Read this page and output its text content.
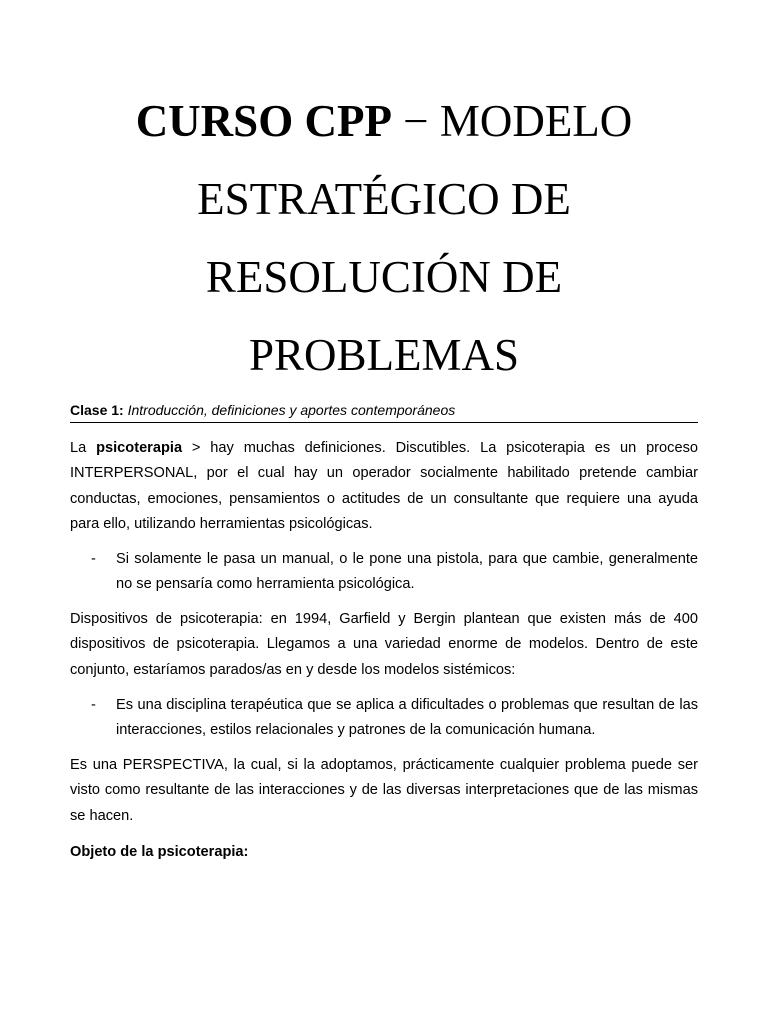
CURSO CPP − MODELO
ESTRATÉGICO DE
RESOLUCIÓN DE
PROBLEMAS
Clase 1: Introducción, definiciones y aportes contemporáneos

La psicoterapia > hay muchas definiciones. Discutibles. La psicoterapia es un proceso INTERPERSONAL, por el cual hay un operador socialmente habilitado pretende cambiar conductas, emociones, pensamientos o actitudes de un consultante que requiere una ayuda para ello, utilizando herramientas psicológicas.

- Si solamente le pasa un manual, o le pone una pistola, para que cambie, generalmente no se pensaría como herramienta psicológica.

Dispositivos de psicoterapia: en 1994, Garfield y Bergin plantean que existen más de 400 dispositivos de psicoterapia. Llegamos a una variedad enorme de modelos. Dentro de este conjunto, estaríamos parados/as en y desde los modelos sistémicos:

- Es una disciplina terapéutica que se aplica a dificultades o problemas que resultan de las interacciones, estilos relacionales y patrones de la comunicación humana.

Es una PERSPECTIVA, la cual, si la adoptamos, prácticamente cualquier problema puede ser visto como resultante de las interacciones y de las diversas interpretaciones que de las mismas se hacen.

Objeto de la psicoterapia:
